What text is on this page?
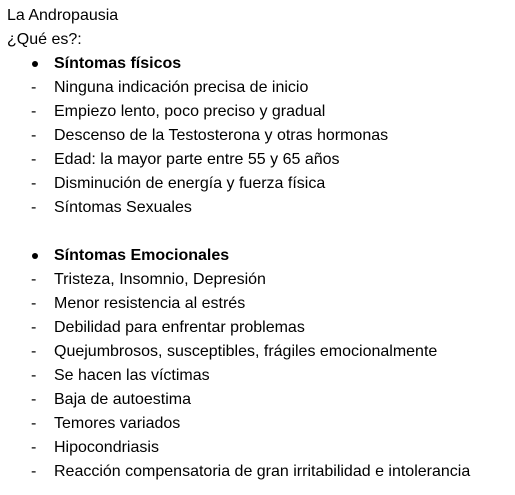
La Andropausia
¿Qué es?:
Síntomas físicos
- Ninguna indicación precisa de inicio
- Empiezo lento, poco preciso y gradual
- Descenso de la Testosterona y otras hormonas
- Edad: la mayor parte entre 55 y 65 años
- Disminución de energía y fuerza física
- Síntomas Sexuales
Síntomas Emocionales
- Tristeza, Insomnio, Depresión
- Menor resistencia al estrés
- Debilidad para enfrentar problemas
- Quejumbrosos, susceptibles, frágiles emocionalmente
- Se hacen las víctimas
- Baja de autoestima
- Temores variados
- Hipocondriasis
- Reacción compensatoria de gran irritabilidad e intolerancia
